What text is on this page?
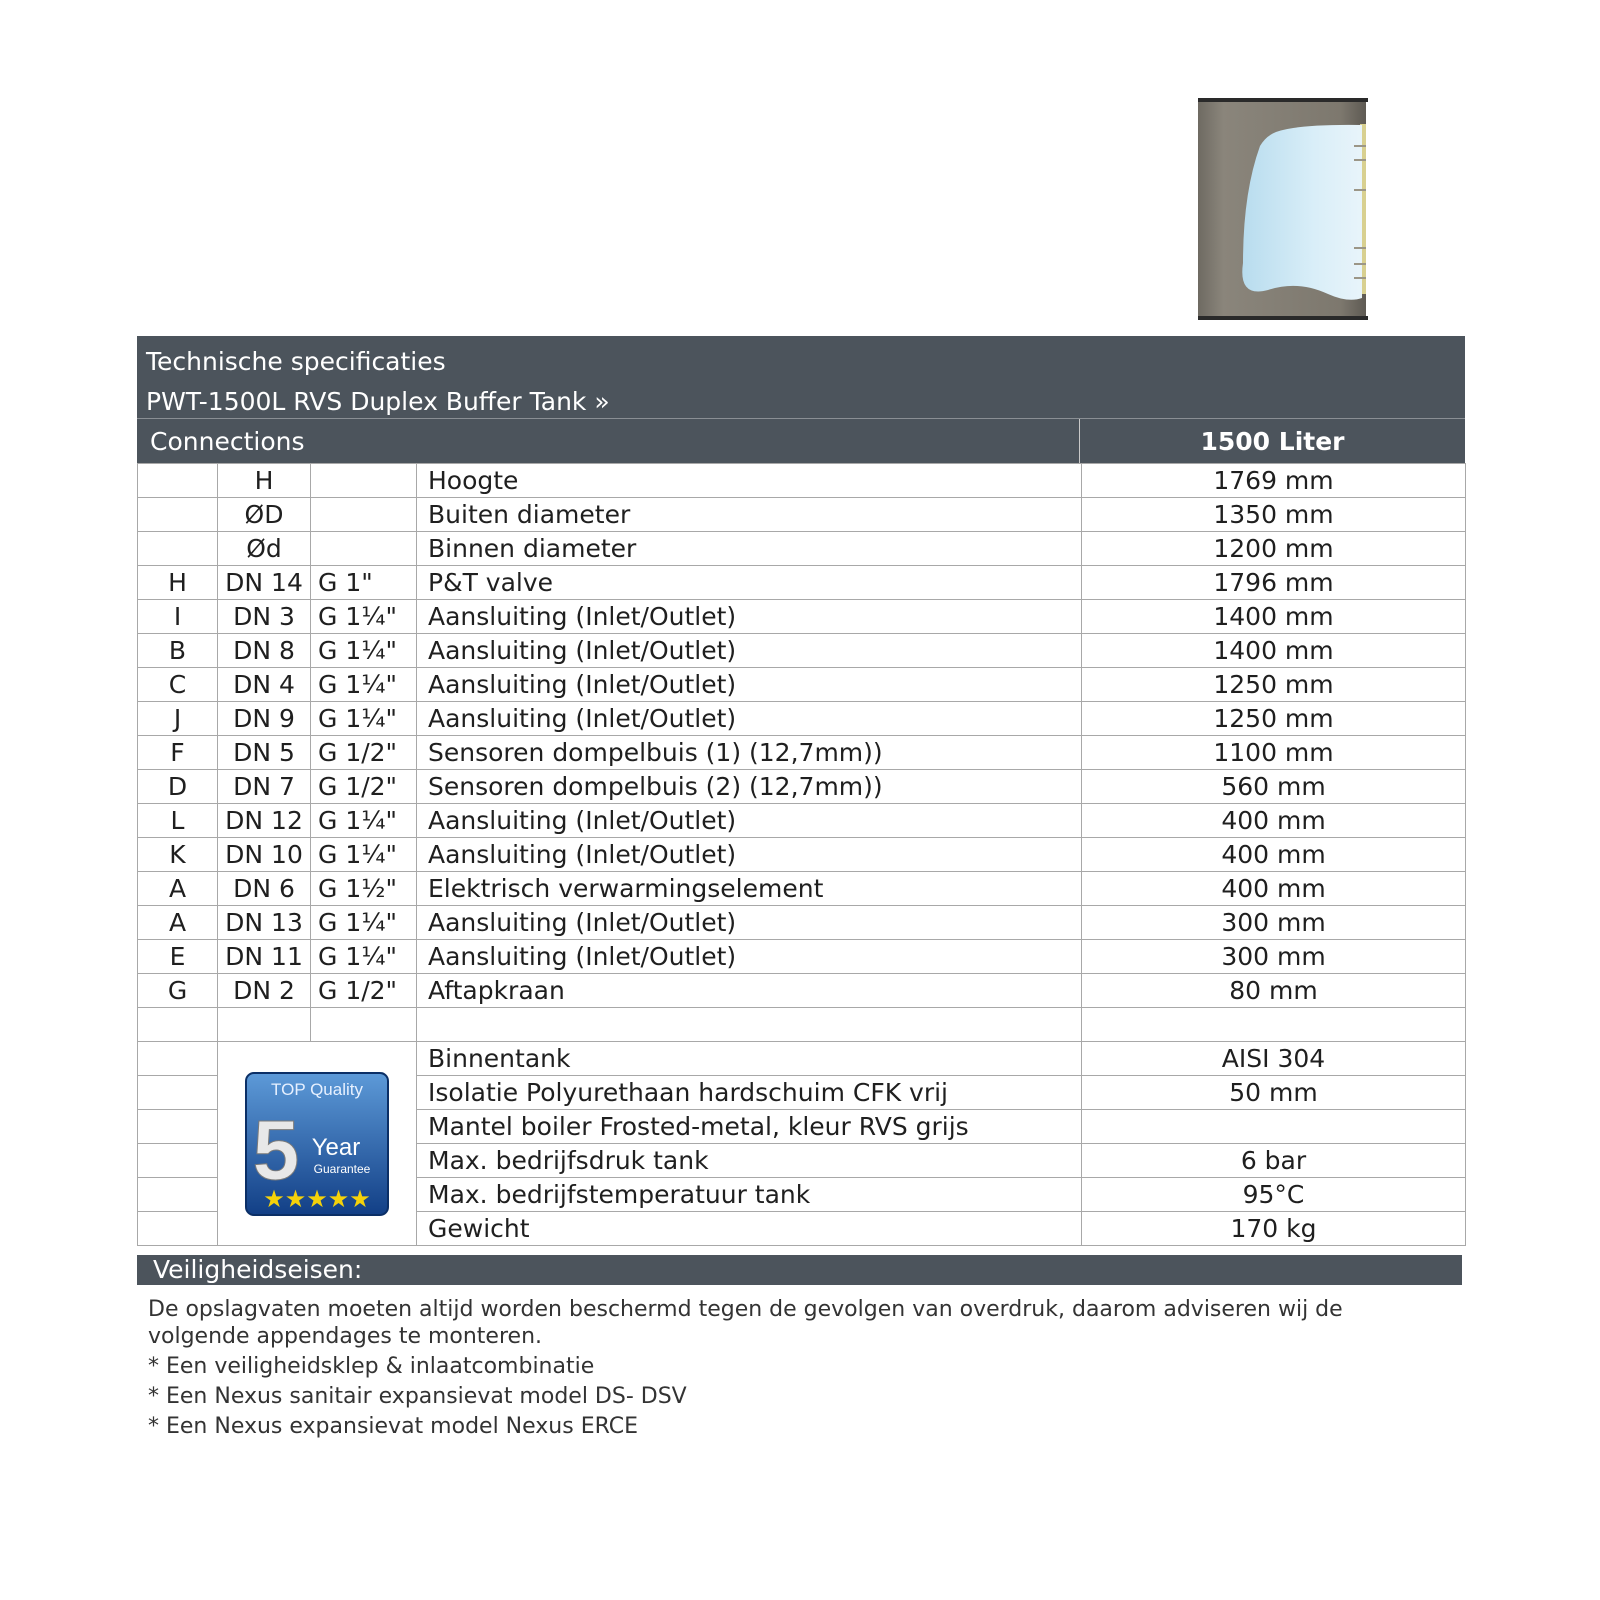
Technische specificaties
PWT-1500L RVS Duplex Buffer Tank »
Connections	1500 Liter
	H		Hoogte	1769 mm
	ØD		Buiten diameter	1350 mm
	Ød		Binnen diameter	1200 mm
H	DN 14	G 1"	P&T valve	1796 mm
I	DN 3	G 1¼"	Aansluiting (Inlet/Outlet)	1400 mm
B	DN 8	G 1¼"	Aansluiting (Inlet/Outlet)	1400 mm
C	DN 4	G 1¼"	Aansluiting (Inlet/Outlet)	1250 mm
J	DN 9	G 1¼"	Aansluiting (Inlet/Outlet)	1250 mm
F	DN 5	G 1/2"	Sensoren dompelbuis (1) (12,7mm))	1100 mm
D	DN 7	G 1/2"	Sensoren dompelbuis (2) (12,7mm))	560 mm
L	DN 12	G 1¼"	Aansluiting (Inlet/Outlet)	400 mm
K	DN 10	G 1¼"	Aansluiting (Inlet/Outlet)	400 mm
A	DN 6	G 1½"	Elektrisch verwarmingselement	400 mm
A	DN 13	G 1¼"	Aansluiting (Inlet/Outlet)	300 mm
E	DN 11	G 1¼"	Aansluiting (Inlet/Outlet)	300 mm
G	DN 2	G 1/2"	Aftapkraan	80 mm

TOP Quality
5 Year
Guarantee
★★★★★		Binnentank	AISI 304
			Isolatie Polyurethaan hardschuim CFK vrij	50 mm
			Mantel boiler Frosted-metal, kleur RVS grijs	
			Max. bedrijfsdruk tank	6 bar
			Max. bedrijfstemperatuur tank	95°C
			Gewicht	170 kg
Veiligheidseisen:

De opslagvaten moeten altijd worden beschermd tegen de gevolgen van overdruk, daarom adviseren wij de volgende appendages te monteren.

* Een veiligheidsklep & inlaatcombinatie
* Een Nexus sanitair expansievat model DS- DSV
* Een Nexus expansievat model Nexus ERCE
